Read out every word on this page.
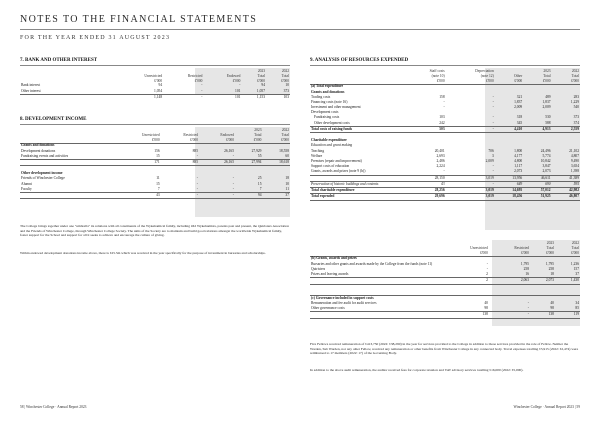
NOTES TO THE FINANCIAL STATEMENTS
FOR THE YEAR ENDED 31 AUGUST 2023
7. BANK AND OTHER INTEREST
				2023	2022
	Unrestricted	Restricted	Endowed	Total	Total
	£'000	£'000	£'000	£'000	£'000
Bank interest	94	-	-	94	10
Other interest	1,054	-	101	1,057	373
	1,148	-	101	1,153	103
8. DEVELOPMENT INCOME
				2023	2022
	Unrestricted	Restricted	Endowed	Total	Total
	£'000	£'000	£'000	£'000	£'000
Grants and donations					
Development donations	156	885	26,165	27,929	18,558
Fundraising events and activities	15	-	-	55	60
	171	885	26,165	27,994	18,618

Other development income					
Friends of Winchester College	11	-	-	25	18
Alumni	15	-	-	15	10
Faculty	7	-	-	7	11
	43	-	-	94	37
The College brings together under one "umbrella" its relations with all constituents of the Wykehamical family, including Old Wykehamists, parents past and present, the Quiristers Association and the Friends of Winchester College, through Winchester College Society. The aims of the Society are to maintain and build good relations amongst the worldwide Wykehamical family, foster support for the School and support for all it seeks to achieve and encourage the culture of giving.
Within endowed development donations income above, there is £25.5m which was received in the year specifically for the purpose of investment in bursaries and scholarships.
9. ANALYSIS OF RESOURCES EXPENDED
	Staff costs	Depreciation		2023	2022
	(note 10)	(note 12)	Other	Total	Total
	£'000	£'000	£'000	£'000	£'000
(a) Total expenditure					
Grants and donations					
Trading costs	158	-	321	489	283
Financing costs (note 16)	-	-	1,837	1,837	1,229
Investment and other management	-	-	2,009	2,009	540
Development costs					
Fundraising costs	103	-	318	530	373
Other development costs	242	-	345	588	374
Total costs of raising funds	503	-	4,410	4,913	2,559

Charitable expenditure					
Education and grant making					
Teaching	20,401	706	1,800	24,496	21,102
Welfare	2,693	3	4,177	5,774	4,807
Premises (repair and improvement)	2,486	2,009	4,800	10,842	9,490
Support costs of education	2,224	-	1,117	3,847	3,654
Grants, awards and prizes (note 9 (b))	-	-	2,073	2,073	1,398
	28,150	3,019	13,956	46,611	41,389
Preservation of historic buildings and contents	43	-	649	690	595
Total charitable expenditure	28,256	3,019	14,695	57,012	42,982
Total expended	29,696	3,019	18,456	51,925	46,807
			2023	2022
	Unrestricted	Restricted	Total	Total
	£'000	£'000	£'000	£'000
(b) Grants, awards and prizes				
Bursaries and other grants and awards made by the College from the funds (note 11)	-	1,795	1,795	1,236
Quiristers	-	258	258	157
Prizes and leaving awards	2	16	18	37
	2	2,063	2,073	1,430

(c) Governance included in support costs				
Remuneration and fee audit for audit services	40	-	40	34
Other governance costs	98	-	98	85
	138	-	138	119
Five Fellows received remuneration of £413,750 (2022: £38,290) in the year for services provided to the College in addition to those services provided in the role of Fellow. Neither the Warden, Sub Warden, nor any other Fellow, received any remuneration or other benefits from Winchester College in any connected body. Travel expenses totalling £5,915 (2022: £2,474) were reimbursed to 17 members (2022: 17) of the Governing Body.
In addition to the above audit remuneration, the auditor received fees for corporate taxation and VAT advisory services totalling £16,000 (2022: £5,000).
58 | Winchester College · Annual Report 2023	Winchester College · Annual Report 2023 | 59
